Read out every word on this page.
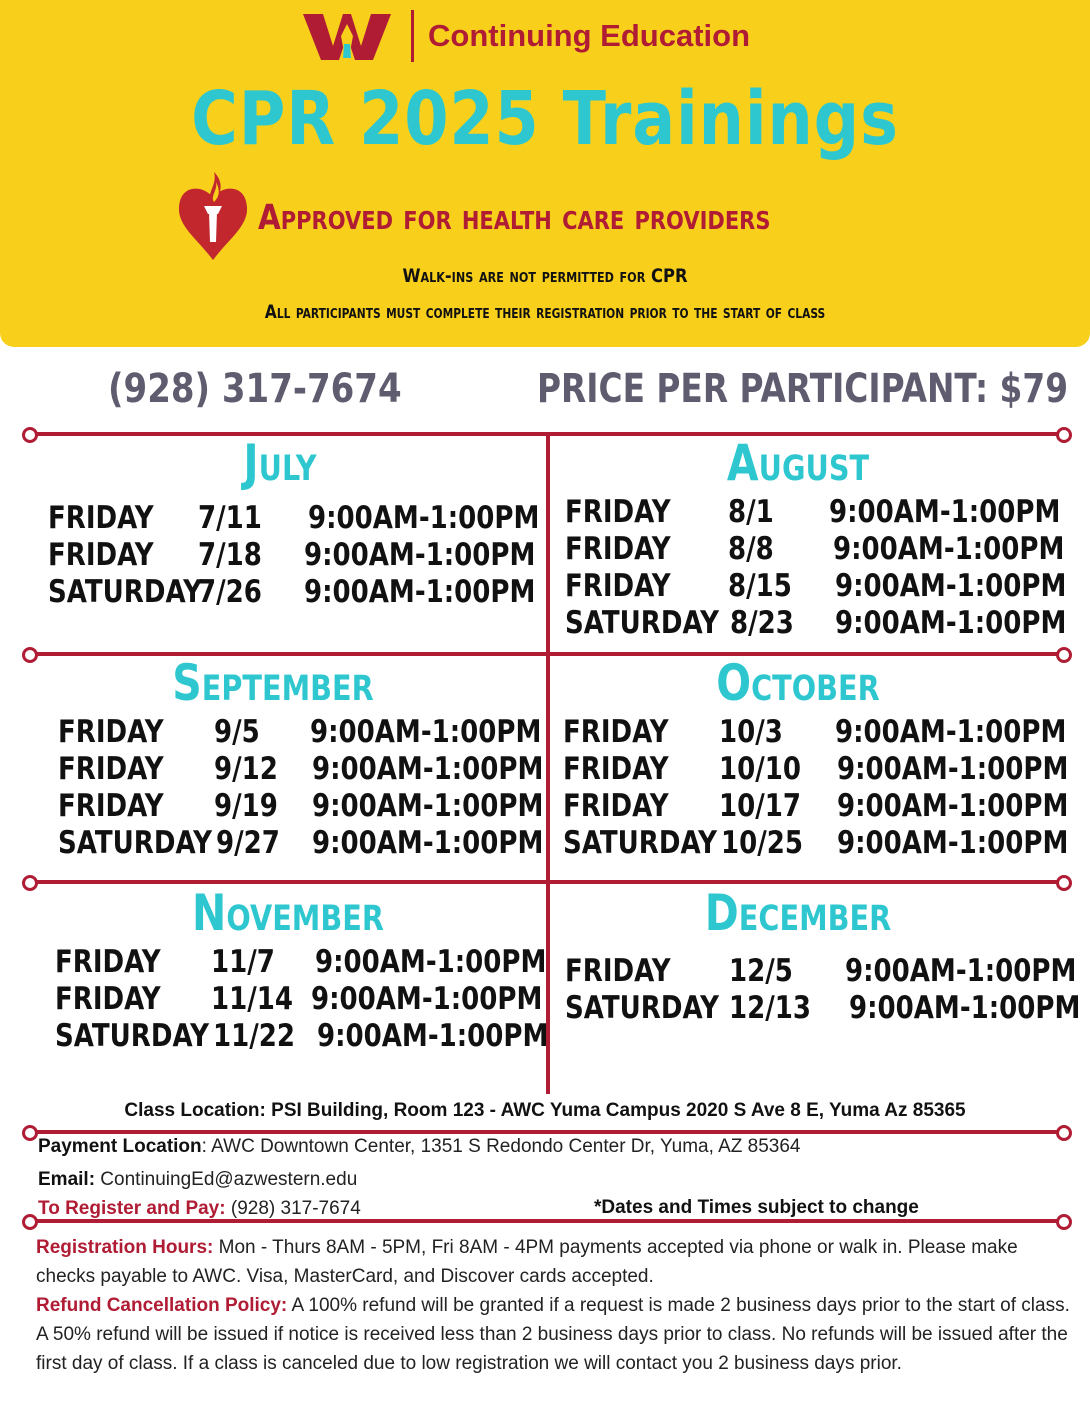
Continuing Education
CPR 2025 Trainings
Approved for health care providers
Walk-ins are not permitted for CPR
All participants must complete their registration prior to the start of class
(928) 317-7674	PRICE PER PARTICIPANT: $79
July
FRIDAY 7/11 9:00AM-1:00PM
FRIDAY 7/18 9:00AM-1:00PM
SATURDAY
7/26 9:00AM-1:00PM
August
FRIDAY 8/1 9:00AM-1:00PM
FRIDAY 8/8 9:00AM-1:00PM
FRIDAY 8/15 9:00AM-1:00PM
SATURDAY 8/23 9:00AM-1:00PM
September
FRIDAY 9/5 9:00AM-1:00PM
FRIDAY 9/12 9:00AM-1:00PM
FRIDAY 9/19 9:00AM-1:00PM
SATURDAY 9/27 9:00AM-1:00PM
October
FRIDAY 10/3 9:00AM-1:00PM
FRIDAY 10/10 9:00AM-1:00PM
FRIDAY 10/17 9:00AM-1:00PM
SATURDAY 10/25 9:00AM-1:00PM
November
FRIDAY 11/7 9:00AM-1:00PM
FRIDAY 11/14 9:00AM-1:00PM
SATURDAY 11/22 9:00AM-1:00PM
December
FRIDAY 12/5 9:00AM-1:00PM
SATURDAY 12/13 9:00AM-1:00PM
Class Location: PSI Building, Room 123 - AWC Yuma Campus 2020 S Ave 8 E, Yuma Az 85365
Payment Location: AWC Downtown Center, 1351 S Redondo Center Dr, Yuma, AZ 85364
Email: ContinuingEd@azwestern.edu
To Register and Pay: (928) 317-7674	*Dates and Times subject to change
Registration Hours: Mon - Thurs 8AM - 5PM, Fri 8AM - 4PM payments accepted via phone or walk in. Please make checks payable to AWC. Visa, MasterCard, and Discover cards accepted.
Refund Cancellation Policy: A 100% refund will be granted if a request is made 2 business days prior to the start of class. A 50% refund will be issued if notice is received less than 2 business days prior to class. No refunds will be issued after the first day of class. If a class is canceled due to low registration we will contact you 2 business days prior.
